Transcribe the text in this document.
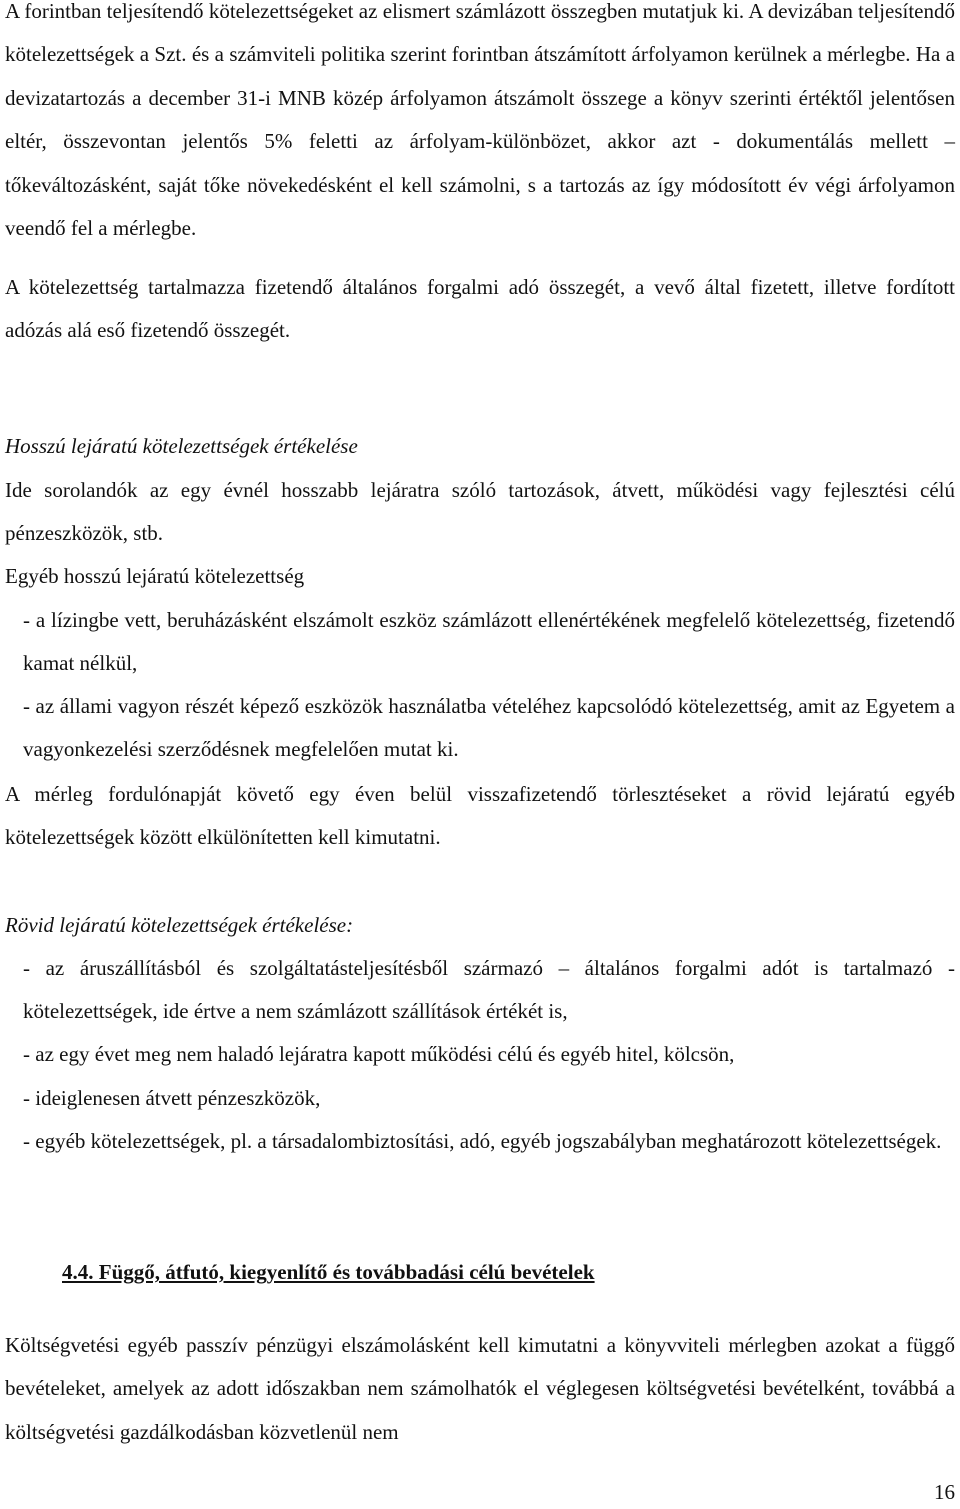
A forintban teljesítendő kötelezettségeket az elismert számlázott összegben mutatjuk ki. A devizában teljesítendő kötelezettségek a Szt. és a számviteli politika szerint forintban átszámított árfolyamon kerülnek a mérlegbe. Ha a devizatartozás a december 31-i MNB közép árfolyamon átszámolt összege a könyv szerinti értéktől jelentősen eltér, összevontan jelentős 5% feletti az árfolyam-különbözet, akkor azt - dokumentálás mellett – tőkeváltozásként, saját tőke növekedésként el kell számolni, s a tartozás az így módosított év végi árfolyamon veendő fel a mérlegbe.

A kötelezettség tartalmazza fizetendő általános forgalmi adó összegét, a vevő által fizetett, illetve fordított adózás alá eső fizetendő összegét.

Hosszú lejáratú kötelezettségek értékelése

Ide sorolandók az egy évnél hosszabb lejáratra szóló tartozások, átvett, működési vagy fejlesztési célú pénzeszközök, stb.

Egyéb hosszú lejáratú kötelezettség

- a lízingbe vett, beruházásként elszámolt eszköz számlázott ellenértékének megfelelő kötelezettség, fizetendő kamat nélkül,

- az állami vagyon részét képező eszközök használatba vételéhez kapcsolódó kötelezettség, amit az Egyetem a vagyonkezelési szerződésnek megfelelően mutat ki.

A mérleg fordulónapját követő egy éven belül visszafizetendő törlesztéseket a rövid lejáratú egyéb kötelezettségek között elkülönítetten kell kimutatni.

Rövid lejáratú kötelezettségek értékelése:

- az áruszállításból és szolgáltatásteljesítésből származó – általános forgalmi adót is tartalmazó - kötelezettségek, ide értve a nem számlázott szállítások értékét is,

- az egy évet meg nem haladó lejáratra kapott működési célú és egyéb hitel, kölcsön,

- ideiglenesen átvett pénzeszközök,

- egyéb kötelezettségek, pl. a társadalombiztosítási, adó, egyéb jogszabályban meghatározott kötelezettségek.

4.4. Függő, átfutó, kiegyenlítő és továbbadási célú bevételek

Költségvetési egyéb passzív pénzügyi elszámolásként kell kimutatni a könyvviteli mérlegben azokat a függő bevételeket, amelyek az adott időszakban nem számolhatók el véglegesen költségvetési bevételként, továbbá a költségvetési gazdálkodásban közvetlenül nem

16
